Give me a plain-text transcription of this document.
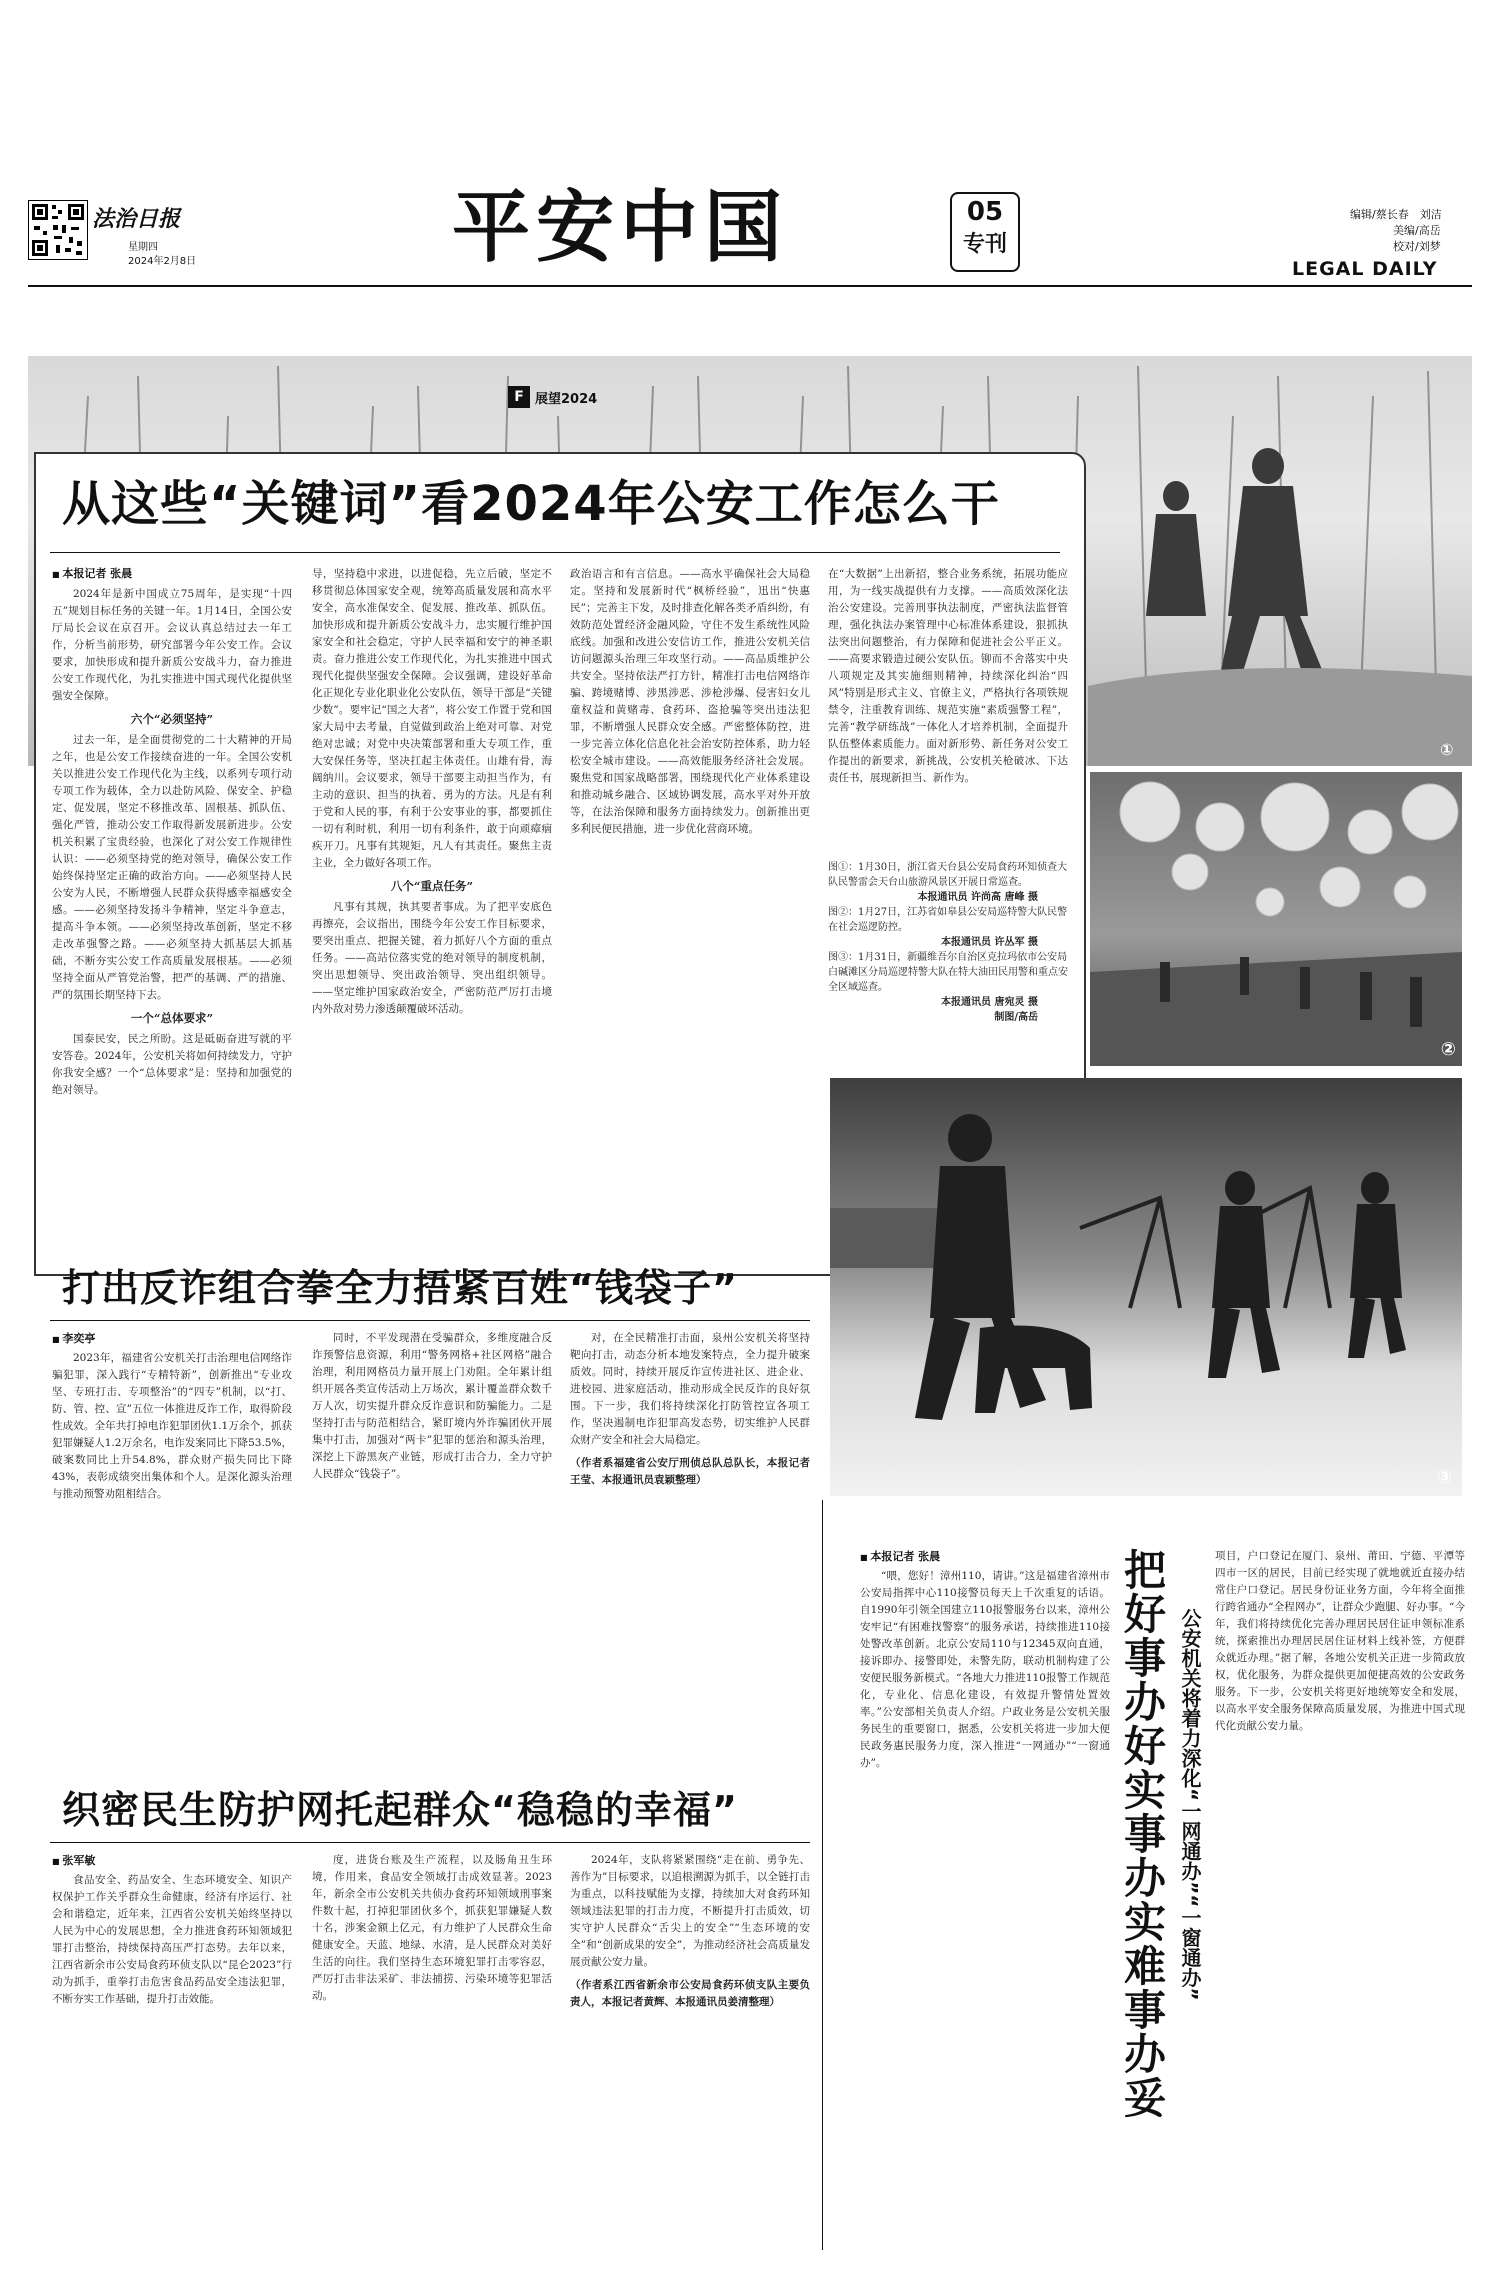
法治日报
星期四
2024年2月8日	平安中国	05
专刊
编辑/蔡长春　刘洁
美编/高岳
校对/刘梦
LEGAL DAILY
F 展望2024
从这些“关键词”看2024年公安工作怎么干
■ 本报记者 张晨

2024年是新中国成立75周年，是实现“十四五”规划目标任务的关键一年。1月14日，全国公安厅局长会议在京召开。会议认真总结过去一年工作，分析当前形势，研究部署今年公安工作。会议要求，加快形成和提升新质公安战斗力，奋力推进公安工作现代化，为扎实推进中国式现代化提供坚强安全保障。

六个“必须坚持”

过去一年，是全面贯彻党的二十大精神的开局之年，也是公安工作接续奋进的一年。全国公安机关以推进公安工作现代化为主线，以系列专项行动专项工作为载体，全力以赴防风险、保安全、护稳定、促发展，坚定不移推改革、固根基、抓队伍、强化严管，推动公安工作取得新发展新进步。公安机关积累了宝贵经验，也深化了对公安工作规律性认识：——必须坚持党的绝对领导，确保公安工作始终保持坚定正确的政治方向。——必须坚持人民公安为人民，不断增强人民群众获得感幸福感安全感。——必须坚持发扬斗争精神，坚定斗争意志，提高斗争本领。——必须坚持改革创新，坚定不移走改革强警之路。——必须坚持大抓基层大抓基础，不断夯实公安工作高质量发展根基。——必须坚持全面从严管党治警，把严的基调、严的措施、严的氛围长期坚持下去。

一个“总体要求”

国泰民安，民之所盼。这是砥砺奋进写就的平安答卷。2024年，公安机关将如何持续发力，守护你我安全感？一个“总体要求”是：坚持和加强党的绝对领导。

导，坚持稳中求进，以进促稳，先立后破，坚定不移贯彻总体国家安全观，统筹高质量发展和高水平安全，高水准保安全、促发展、推改革、抓队伍。加快形成和提升新质公安战斗力，忠实履行维护国家安全和社会稳定，守护人民幸福和安宁的神圣职责。奋力推进公安工作现代化，为扎实推进中国式现代化提供坚强安全保障。会议强调，建设好革命化正规化专业化职业化公安队伍，领导干部是“关键少数”。要牢记“国之大者”，将公安工作置于党和国家大局中去考量，自觉做到政治上绝对可靠、对党绝对忠诚；对党中央决策部署和重大专项工作，重大安保任务等，坚决扛起主体责任。山雄有骨，海阔纳川。会议要求，领导干部要主动担当作为，有主动的意识、担当的执着、勇为的方法。凡是有利于党和人民的事，有利于公安事业的事，都要抓住一切有利时机，利用一切有利条件，敢于向顽瘴痼疾开刀。凡事有其规矩，凡人有其责任。聚焦主责主业，全力做好各项工作。

八个“重点任务”

凡事有其规，执其要者事成。为了把平安底色再擦亮，会议指出，围绕今年公安工作目标要求，要突出重点、把握关键，着力抓好八个方面的重点任务。——高站位落实党的绝对领导的制度机制，突出思想领导、突出政治领导、突出组织领导。——坚定维护国家政治安全，严密防范严厉打击境内外敌对势力渗透颠覆破坏活动。

政治语言和有言信息。——高水平确保社会大局稳定。坚持和发展新时代“枫桥经验”，迅出“快惠民”；完善主下发，及时排查化解各类矛盾纠纷，有效防范处置经济金融风险，守住不发生系统性风险底线。加强和改进公安信访工作，推进公安机关信访问题源头治理三年攻坚行动。——高品质维护公共安全。坚持依法严打方针，精准打击电信网络诈骗、跨境赌博、涉黑涉恶、涉枪涉爆、侵害妇女儿童权益和黄赌毒、食药环、盗抢骗等突出违法犯罪，不断增强人民群众安全感。严密整体防控，进一步完善立体化信息化社会治安防控体系，助力轻松安全城市建设。——高效能服务经济社会发展。聚焦党和国家战略部署，围绕现代化产业体系建设和推动城乡融合、区域协调发展，高水平对外开放等，在法治保障和服务方面持续发力。创新推出更多利民便民措施，进一步优化营商环境。

在“大数据”上出新招，整合业务系统，拓展功能应用，为一线实战提供有力支撑。——高质效深化法治公安建设。完善刑事执法制度，严密执法监督管理，强化执法办案管理中心标准体系建设，狠抓执法突出问题整治，有力保障和促进社会公平正义。——高要求锻造过硬公安队伍。铆而不舍落实中央八项规定及其实施细则精神，持续深化纠治“四风”特别是形式主义、官僚主义，严格执行各项铁规禁令，注重教育训练、规范实施“素质强警工程”，完善“教学研练战”一体化人才培养机制，全面提升队伍整体素质能力。面对新形势、新任务对公安工作提出的新要求，新挑战，公安机关枪破冰、下达责任书，展现新担当、新作为。

图①：1月30日，浙江省天台县公安局食药环知侦查大队民警雷会天台山旅游风景区开展日常巡查。
本报通讯员 许尚高 唐峰 摄
图②：1月27日，江苏省如皋县公安局巡特警大队民警在社会巡逻防控。
本报通讯员 许丛军 摄
图③：1月31日，新疆维吾尔自治区克拉玛依市公安局白碱滩区分局巡逻特警大队在特大油田民用警和重点安全区域巡查。
本报通讯员 唐宛灵 摄
制图/高岳
②
③
①
打出反诈组合拳全力捂紧百姓“钱袋子”
■ 李奕亭

2023年，福建省公安机关打击治理电信网络诈骗犯罪，深入践行“专精特新”，创新推出“专业攻坚、专班打击、专项整治”的“四专”机制，以“打、防、管、控、宣”五位一体推进反诈工作，取得阶段性成效。全年共打掉电诈犯罪团伙1.1万余个，抓获犯罪嫌疑人1.2万余名，电诈发案同比下降53.5%，破案数同比上升54.8%，群众财产损失同比下降43%，表彰成绩突出集体和个人。是深化源头治理与推动预警劝阻相结合。

同时，不平发现潜在受骗群众，多维度融合反诈预警信息资源，利用“警务网格+社区网格”融合治理，利用网格员力量开展上门劝阻。全年累计组织开展各类宣传活动上万场次，累计覆盖群众数千万人次，切实提升群众反诈意识和防骗能力。二是坚持打击与防范相结合，紧盯境内外诈骗团伙开展集中打击，加强对“两卡”犯罪的惩治和源头治理，深挖上下游黑灰产业链，形成打击合力，全力守护人民群众“钱袋子”。

对，在全民精准打击面，泉州公安机关将坚持靶向打击，动态分析本地发案特点，全力提升破案质效。同时，持续开展反诈宣传进社区、进企业、进校园、进家庭活动，推动形成全民反诈的良好氛围。下一步，我们将持续深化打防管控宣各项工作，坚决遏制电诈犯罪高发态势，切实维护人民群众财产安全和社会大局稳定。

（作者系福建省公安厅刑侦总队总队长，本报记者王莹、本报通讯员袁颖整理）

织密民生防护网托起群众“稳稳的幸福”
■ 张军敏

食品安全、药品安全、生态环境安全、知识产权保护工作关乎群众生命健康，经济有序运行、社会和谐稳定，近年来，江西省公安机关始终坚持以人民为中心的发展思想，全力推进食药环知领域犯罪打击整治，持续保持高压严打态势。去年以来，江西省新余市公安局食药环侦支队以“昆仑2023”行动为抓手，重拳打击危害食品药品安全违法犯罪，不断夯实工作基础，提升打击效能。

度，进货台账及生产流程，以及肠角丑生环境，作用来，食品安全领域打击成效显著。2023年，新余全市公安机关共侦办食药环知领域刑事案件数十起，打掉犯罪团伙多个，抓获犯罪嫌疑人数十名，涉案金额上亿元，有力维护了人民群众生命健康安全。天蓝、地绿、水清，是人民群众对美好生活的向往。我们坚持生态环境犯罪打击零容忍，严厉打击非法采矿、非法捕捞、污染环境等犯罪活动。

2024年，支队将紧紧围绕“走在前、勇争先、善作为”目标要求，以追根溯源为抓手，以全链打击为重点，以科技赋能为支撑，持续加大对食药环知领域违法犯罪的打击力度，不断提升打击质效，切实守护人民群众“舌尖上的安全”“生态环境的安全”和“创新成果的安全”，为推动经济社会高质量发展贡献公安力量。

（作者系江西省新余市公安局食药环侦支队主要负责人，本报记者黄辉、本报通讯员姜清整理）

■ 本报记者 张晨

“喂，您好！漳州110，请讲。”这是福建省漳州市公安局指挥中心110接警员每天上千次重复的话语。自1990年引领全国建立110报警服务台以来，漳州公安牢记“有困难找警察”的服务承诺，持续推进110接处警改革创新。北京公安局110与12345双向直通，接诉即办、接警即处，未警先防，联动机制构建了公安便民服务新模式。“各地大力推进110报警工作规范化，专业化、信息化建设，有效提升警情处置效率。”公安部相关负责人介绍。户政业务是公安机关服务民生的重要窗口，据悉，公安机关将进一步加大便民政务惠民服务力度，深入推进“一网通办”“一窗通办”。	把好事办好实事办实难事办妥 公安机关将着力深化“一网通办”“一窗通办”

项目，户口登记在厦门、泉州、莆田、宁德、平潭等四市一区的居民，目前已经实现了就地就近直接办结常住户口登记。居民身份证业务方面，今年将全面推行跨省通办“全程网办”，让群众少跑腿、好办事。“今年，我们将持续优化完善办理居民居住证申领标准系统，探索推出办理居民居住证材料上线补签，方便群众就近办理。”据了解，各地公安机关正进一步简政放权，优化服务，为群众提供更加便捷高效的公安政务服务。下一步，公安机关将更好地统筹安全和发展，以高水平安全服务保障高质量发展，为推进中国式现代化贡献公安力量。
